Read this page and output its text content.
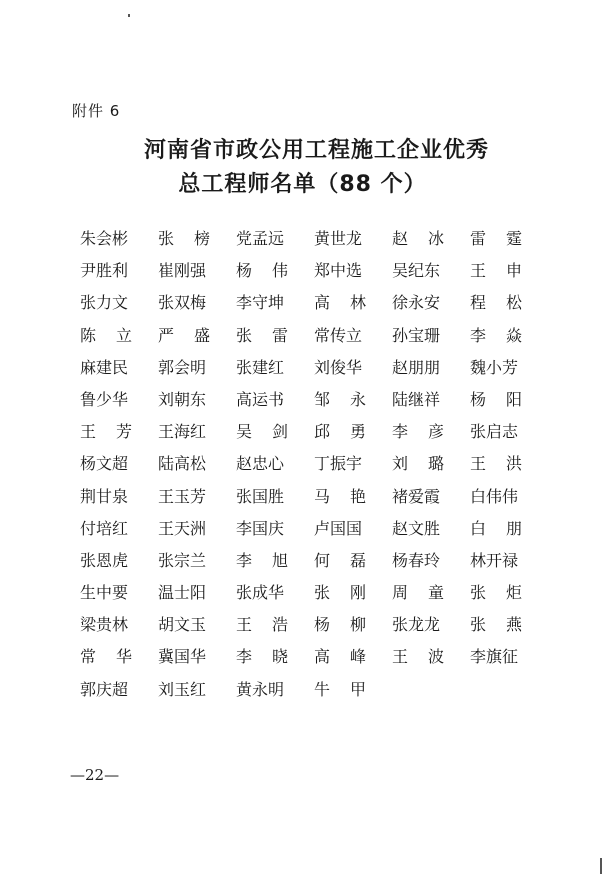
附件 6
河南省市政公用工程施工企业优秀
总工程师名单（88 个）
朱会彬 张 榜 党孟远 黄世龙 赵 冰 雷 霆
尹胜利 崔刚强 杨 伟 郑中选 吴纪东 王 申
张力文 张双梅 李守坤 高 林 徐永安 程 松
陈 立 严 盛 张 雷 常传立 孙宝珊 李 焱
麻建民 郭会明 张建红 刘俊华 赵朋朋 魏小芳
鲁少华 刘朝东 高运书 邹 永 陆继祥 杨 阳
王 芳 王海红 吴 剑 邱 勇 李 彦 张启志
杨文超 陆高松 赵忠心 丁振宇 刘 璐 王 洪
荆甘泉 王玉芳 张国胜 马 艳 褚爱霞 白伟伟
付培红 王天洲 李国庆 卢国国 赵文胜 白 朋
张恩虎 张宗兰 李 旭 何 磊 杨春玲 林开禄
生中要 温士阳 张成华 张 刚 周 童 张 炬
梁贵林 胡文玉 王 浩 杨 柳 张龙龙 张 燕
常 华 冀国华 李 晓 高 峰 王 波 李旗征
郭庆超 刘玉红 黄永明 牛 甲
—22—
